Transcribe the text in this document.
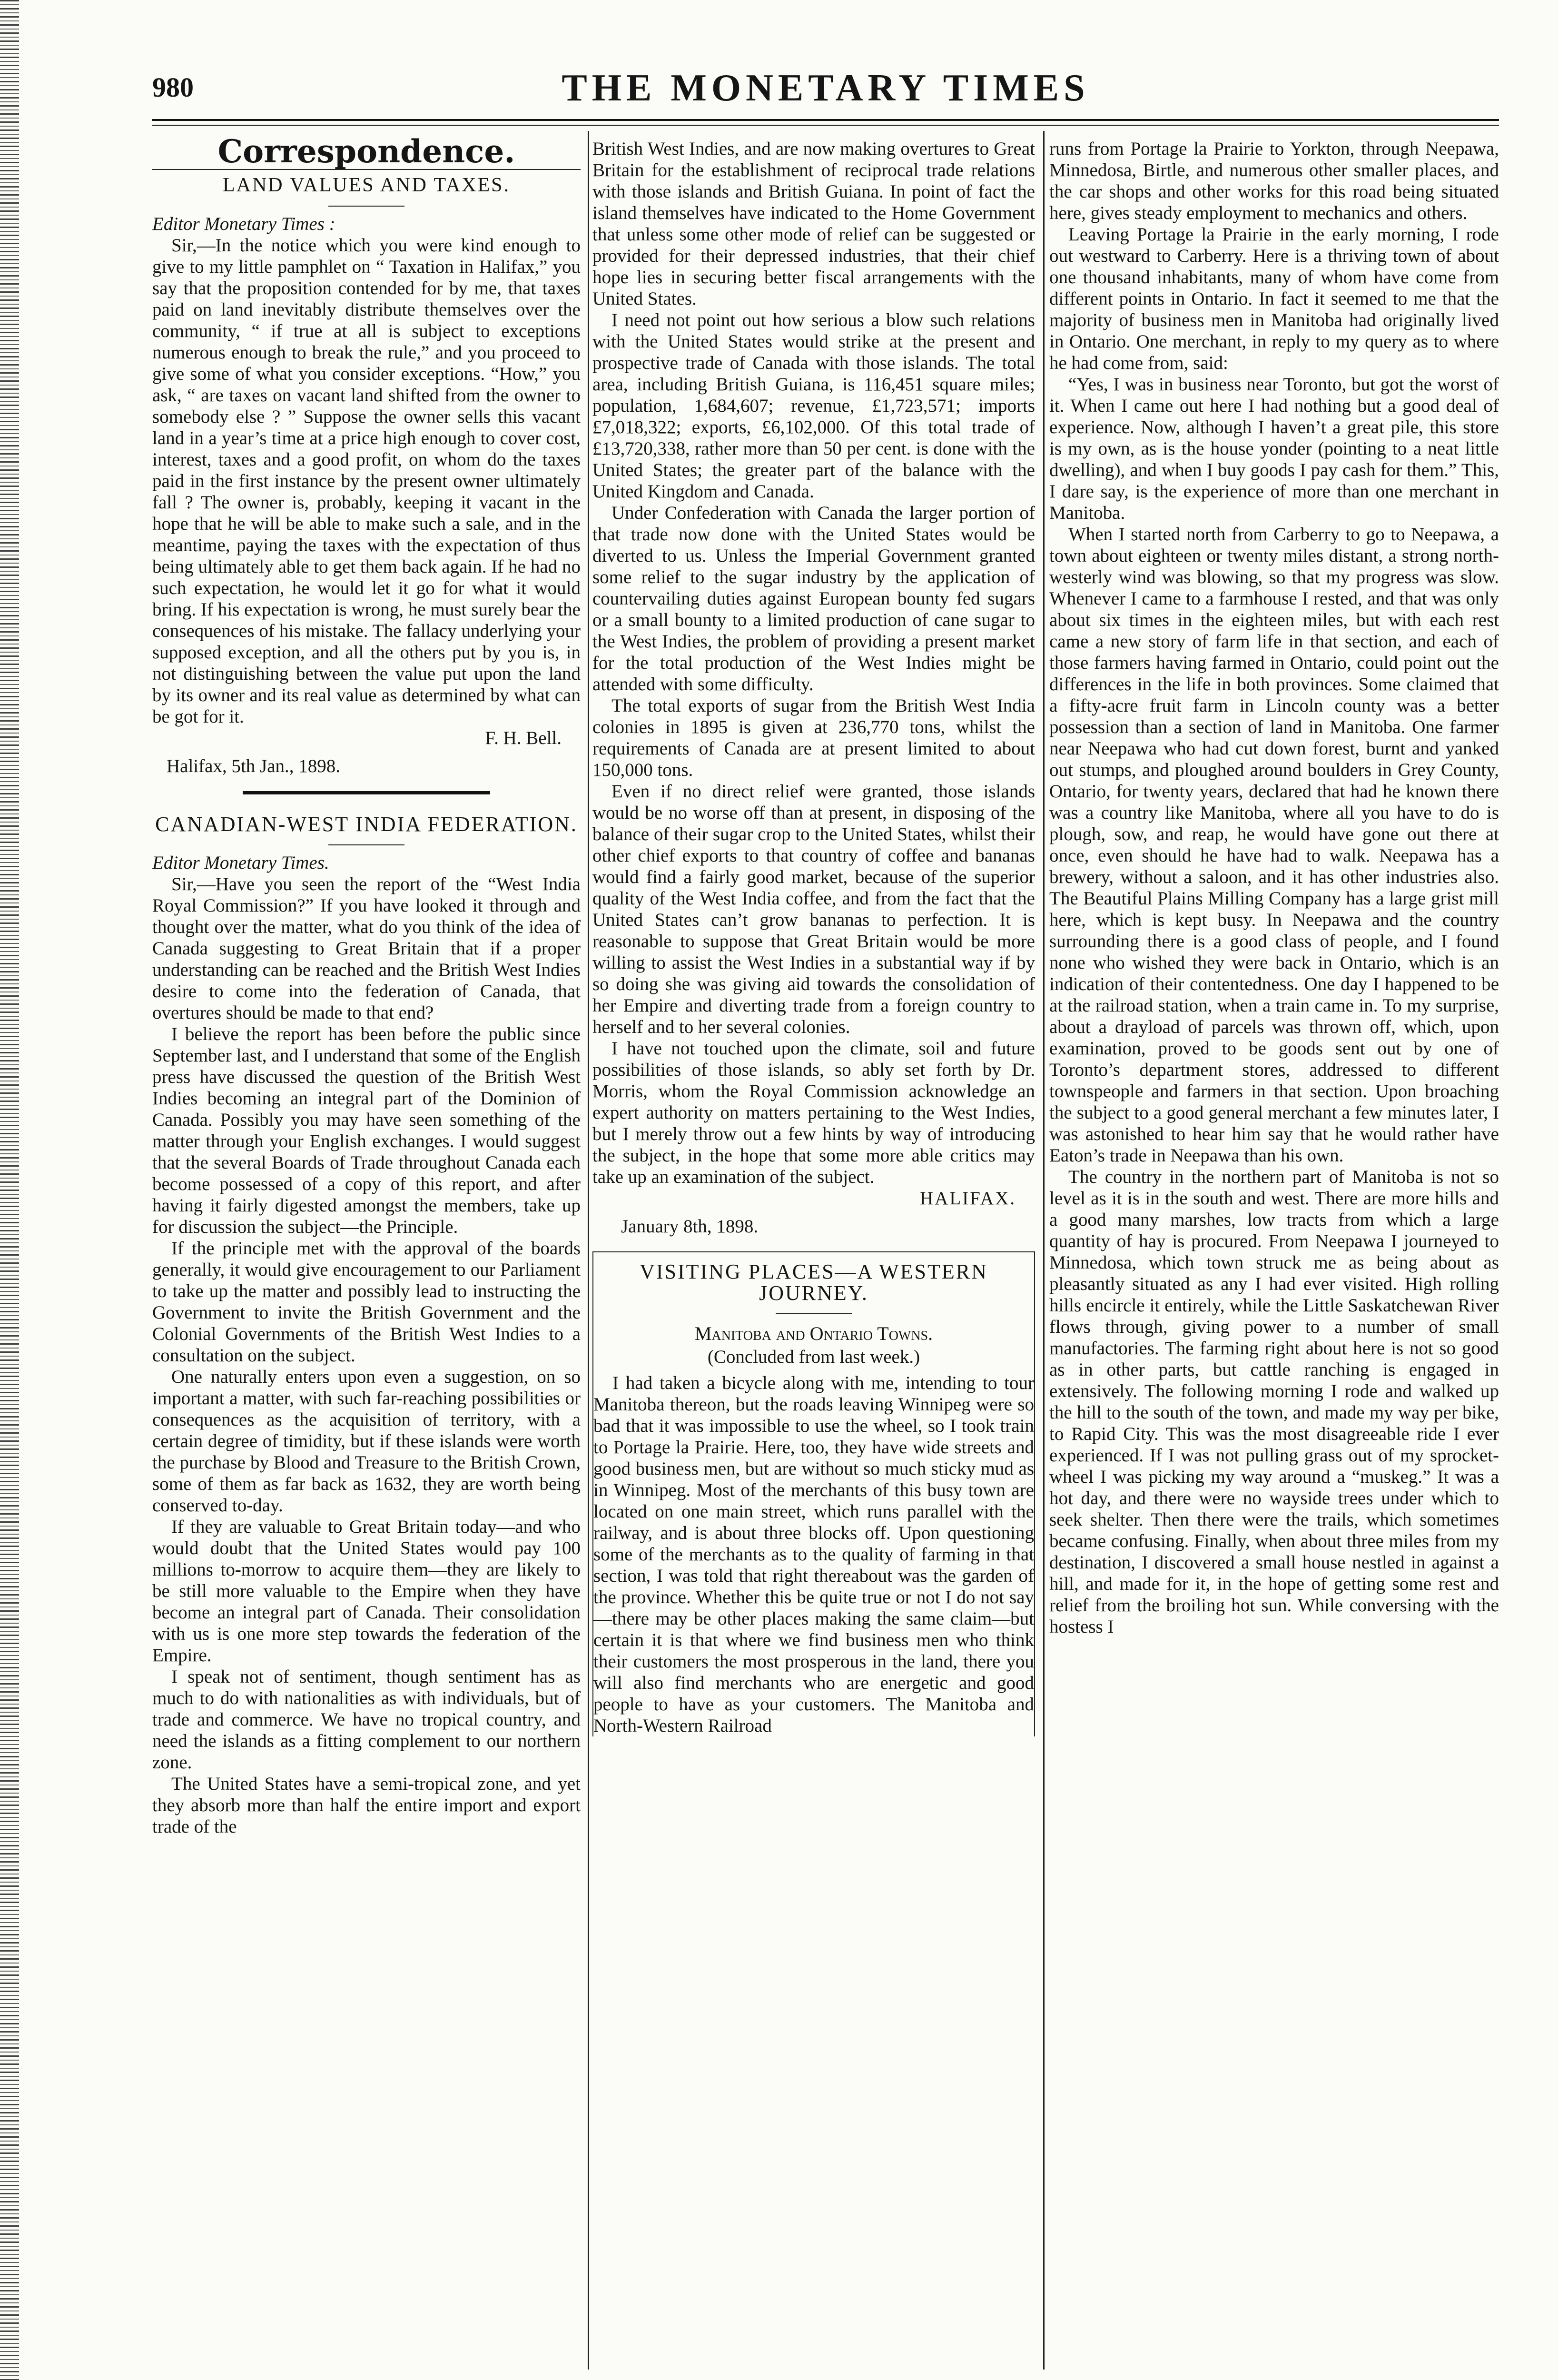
980	THE MONETARY TIMES
Correspondence.
LAND VALUES AND TAXES.

Editor Monetary Times :

Sir,—In the notice which you were kind enough to give to my little pamphlet on “ Taxation in Halifax,” you say that the proposition contended for by me, that taxes paid on land inevitably distribute themselves over the community, “ if true at all is subject to exceptions numerous enough to break the rule,” and you proceed to give some of what you consider exceptions. “How,” you ask, “ are taxes on vacant land shifted from the owner to somebody else ? ” Suppose the owner sells this vacant land in a year’s time at a price high enough to cover cost, interest, taxes and a good profit, on whom do the taxes paid in the first instance by the present owner ultimately fall ? The owner is, probably, keeping it vacant in the hope that he will be able to make such a sale, and in the meantime, paying the taxes with the expectation of thus being ultimately able to get them back again. If he had no such expectation, he would let it go for what it would bring. If his expectation is wrong, he must surely bear the consequences of his mistake. The fallacy underlying your supposed exception, and all the others put by you is, in not distinguishing between the value put upon the land by its owner and its real value as determined by what can be got for it.

F. H. Bell.
Halifax, 5th Jan., 1898.
CANADIAN-WEST INDIA FEDERATION.

Editor Monetary Times.

Sir,—Have you seen the report of the “West India Royal Commission?” If you have looked it through and thought over the matter, what do you think of the idea of Canada suggesting to Great Britain that if a proper understanding can be reached and the British West Indies desire to come into the federation of Canada, that overtures should be made to that end?

I believe the report has been before the public since September last, and I understand that some of the English press have discussed the question of the British West Indies becoming an integral part of the Dominion of Canada. Possibly you may have seen something of the matter through your English exchanges. I would suggest that the several Boards of Trade throughout Canada each become possessed of a copy of this report, and after having it fairly digested amongst the members, take up for discussion the subject—the Principle.

If the principle met with the approval of the boards generally, it would give encouragement to our Parliament to take up the matter and possibly lead to instructing the Government to invite the British Government and the Colonial Governments of the British West Indies to a consultation on the subject.

One naturally enters upon even a suggestion, on so important a matter, with such far-reaching possibilities or consequences as the acquisition of territory, with a certain degree of timidity, but if these islands were worth the purchase by Blood and Treasure to the British Crown, some of them as far back as 1632, they are worth being conserved to-day.

If they are valuable to Great Britain today—and who would doubt that the United States would pay 100 millions to-morrow to acquire them—they are likely to be still more valuable to the Empire when they have become an integral part of Canada. Their consolidation with us is one more step towards the federation of the Empire.

I speak not of sentiment, though sentiment has as much to do with nationalities as with individuals, but of trade and commerce. We have no tropical country, and need the islands as a fitting complement to our northern zone.

The United States have a semi-tropical zone, and yet they absorb more than half the entire import and export trade of the

British West Indies, and are now making overtures to Great Britain for the establishment of reciprocal trade relations with those islands and British Guiana. In point of fact the island themselves have indicated to the Home Government that unless some other mode of relief can be suggested or provided for their depressed industries, that their chief hope lies in securing better fiscal arrangements with the United States.

I need not point out how serious a blow such relations with the United States would strike at the present and prospective trade of Canada with those islands. The total area, including British Guiana, is 116,451 square miles; population, 1,684,607; revenue, £1,723,571; imports £7,018,322; exports, £6,102,000. Of this total trade of £13,720,338, rather more than 50 per cent. is done with the United States; the greater part of the balance with the United Kingdom and Canada.

Under Confederation with Canada the larger portion of that trade now done with the United States would be diverted to us. Unless the Imperial Government granted some relief to the sugar industry by the application of countervailing duties against European bounty fed sugars or a small bounty to a limited production of cane sugar to the West Indies, the problem of providing a present market for the total production of the West Indies might be attended with some difficulty.

The total exports of sugar from the British West India colonies in 1895 is given at 236,770 tons, whilst the requirements of Canada are at present limited to about 150,000 tons.

Even if no direct relief were granted, those islands would be no worse off than at present, in disposing of the balance of their sugar crop to the United States, whilst their other chief exports to that country of coffee and bananas would find a fairly good market, because of the superior quality of the West India coffee, and from the fact that the United States can’t grow bananas to perfection. It is reasonable to suppose that Great Britain would be more willing to assist the West Indies in a substantial way if by so doing she was giving aid towards the consolidation of her Empire and diverting trade from a foreign country to herself and to her several colonies.

I have not touched upon the climate, soil and future possibilities of those islands, so ably set forth by Dr. Morris, whom the Royal Commission acknowledge an expert authority on matters pertaining to the West Indies, but I merely throw out a few hints by way of introducing the subject, in the hope that some more able critics may take up an examination of the subject.

HALIFAX.
January 8th, 1898.
VISITING PLACES—A WESTERN JOURNEY.
Manitoba and Ontario Towns.
(Concluded from last week.)

I had taken a bicycle along with me, intending to tour Manitoba thereon, but the roads leaving Winnipeg were so bad that it was impossible to use the wheel, so I took train to Portage la Prairie. Here, too, they have wide streets and good business men, but are without so much sticky mud as in Winnipeg. Most of the merchants of this busy town are located on one main street, which runs parallel with the railway, and is about three blocks off. Upon questioning some of the merchants as to the quality of farming in that section, I was told that right thereabout was the garden of the province. Whether this be quite true or not I do not say—there may be other places making the same claim—but certain it is that where we find business men who think their customers the most prosperous in the land, there you will also find merchants who are energetic and good people to have as your customers. The Manitoba and North-Western Railroad

runs from Portage la Prairie to Yorkton, through Neepawa, Minnedosa, Birtle, and numerous other smaller places, and the car shops and other works for this road being situated here, gives steady employment to mechanics and others.

Leaving Portage la Prairie in the early morning, I rode out westward to Carberry. Here is a thriving town of about one thousand inhabitants, many of whom have come from different points in Ontario. In fact it seemed to me that the majority of business men in Manitoba had originally lived in Ontario. One merchant, in reply to my query as to where he had come from, said:

“Yes, I was in business near Toronto, but got the worst of it. When I came out here I had nothing but a good deal of experience. Now, although I haven’t a great pile, this store is my own, as is the house yonder (pointing to a neat little dwelling), and when I buy goods I pay cash for them.” This, I dare say, is the experience of more than one merchant in Manitoba.

When I started north from Carberry to go to Neepawa, a town about eighteen or twenty miles distant, a strong north-westerly wind was blowing, so that my progress was slow. Whenever I came to a farmhouse I rested, and that was only about six times in the eighteen miles, but with each rest came a new story of farm life in that section, and each of those farmers having farmed in Ontario, could point out the differences in the life in both provinces. Some claimed that a fifty-acre fruit farm in Lincoln county was a better possession than a section of land in Manitoba. One farmer near Neepawa who had cut down forest, burnt and yanked out stumps, and ploughed around boulders in Grey County, Ontario, for twenty years, declared that had he known there was a country like Manitoba, where all you have to do is plough, sow, and reap, he would have gone out there at once, even should he have had to walk. Neepawa has a brewery, without a saloon, and it has other industries also. The Beautiful Plains Milling Company has a large grist mill here, which is kept busy. In Neepawa and the country surrounding there is a good class of people, and I found none who wished they were back in Ontario, which is an indication of their contentedness. One day I happened to be at the railroad station, when a train came in. To my surprise, about a drayload of parcels was thrown off, which, upon examination, proved to be goods sent out by one of Toronto’s department stores, addressed to different townspeople and farmers in that section. Upon broaching the subject to a good general merchant a few minutes later, I was astonished to hear him say that he would rather have Eaton’s trade in Neepawa than his own.

The country in the northern part of Manitoba is not so level as it is in the south and west. There are more hills and a good many marshes, low tracts from which a large quantity of hay is procured. From Neepawa I journeyed to Minnedosa, which town struck me as being about as pleasantly situated as any I had ever visited. High rolling hills encircle it entirely, while the Little Saskatchewan River flows through, giving power to a number of small manufactories. The farming right about here is not so good as in other parts, but cattle ranching is engaged in extensively. The following morning I rode and walked up the hill to the south of the town, and made my way per bike, to Rapid City. This was the most disagreeable ride I ever experienced. If I was not pulling grass out of my sprocket-wheel I was picking my way around a “muskeg.” It was a hot day, and there were no wayside trees under which to seek shelter. Then there were the trails, which sometimes became confusing. Finally, when about three miles from my destination, I discovered a small house nestled in against a hill, and made for it, in the hope of getting some rest and relief from the broiling hot sun. While conversing with the hostess I
